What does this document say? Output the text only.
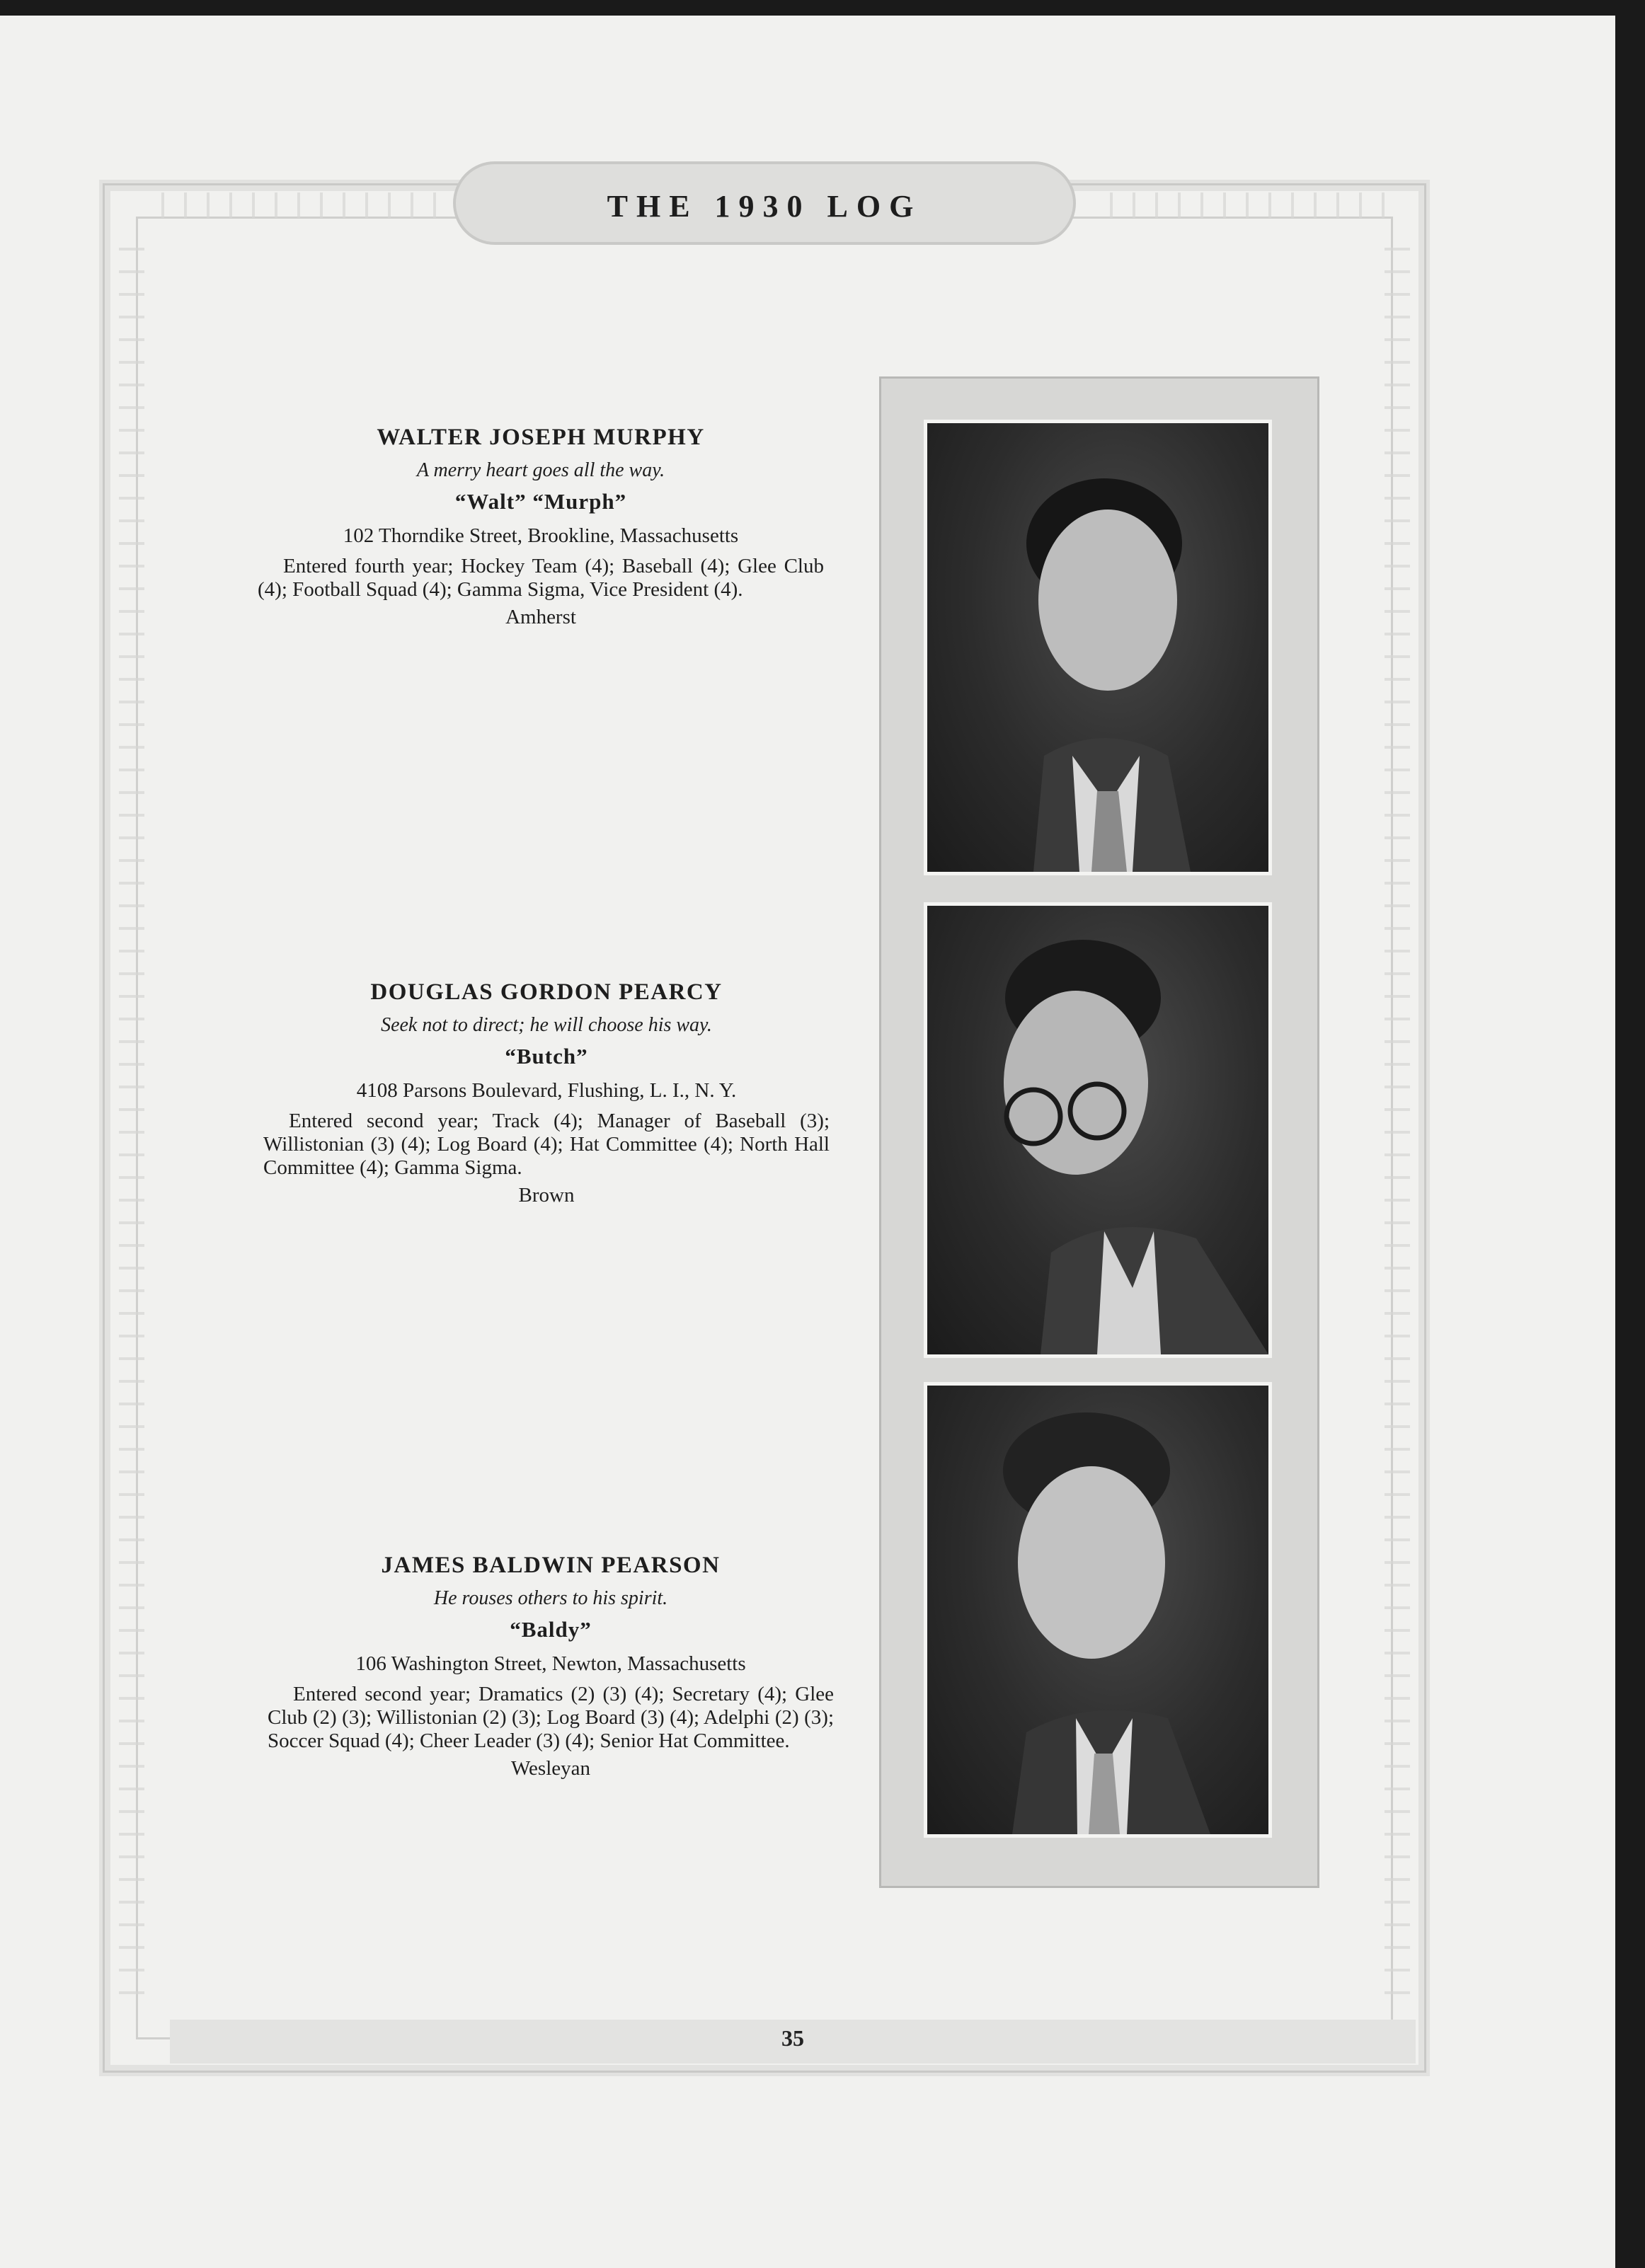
THE 1930 LOG
35
WALTER JOSEPH MURPHY
A merry heart goes all the way.
“Walt” “Murph”
102 Thorndike Street, Brookline, Massachusetts
Entered fourth year; Hockey Team (4); Baseball (4); Glee Club (4); Football Squad (4); Gamma Sigma, Vice President (4).
Amherst
DOUGLAS GORDON PEARCY
Seek not to direct; he will choose his way.
“Butch”
4108 Parsons Boulevard, Flushing, L. I., N. Y.
Entered second year; Track (4); Manager of Baseball (3); Willistonian (3) (4); Log Board (4); Hat Committee (4); North Hall Committee (4); Gamma Sigma.
Brown
JAMES BALDWIN PEARSON
He rouses others to his spirit.
“Baldy”
106 Washington Street, Newton, Massachusetts
Entered second year; Dramatics (2) (3) (4); Secretary (4); Glee Club (2) (3); Willistonian (2) (3); Log Board (3) (4); Adelphi (2) (3); Soccer Squad (4); Cheer Leader (3) (4); Senior Hat Committee.
Wesleyan
